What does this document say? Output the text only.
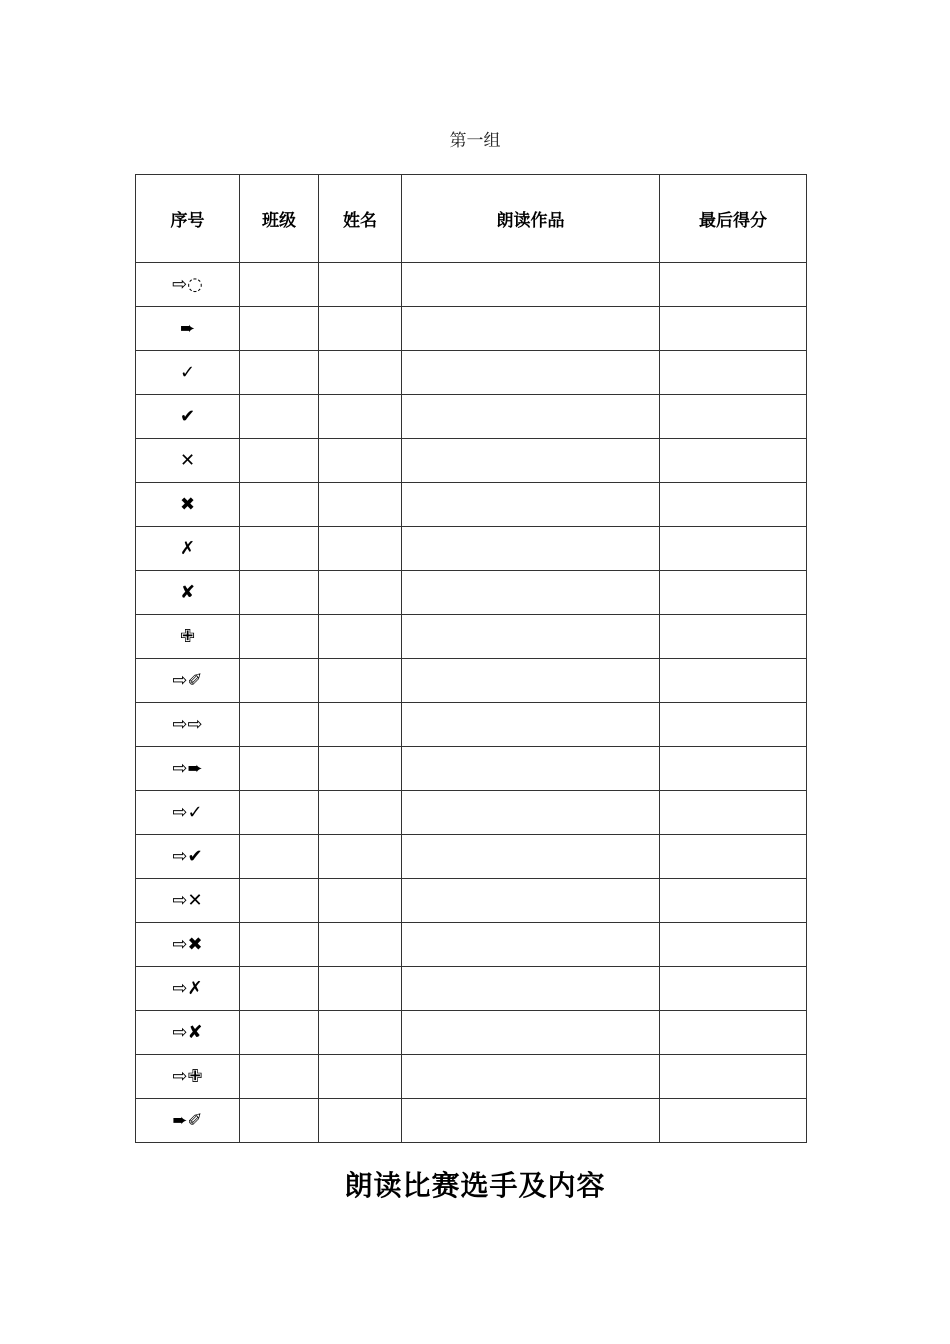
第一组
序号	班级	姓名	朗读作品	最后得分
⇨◌				
➨				
✓				
✔				
✕				
✖				
✗				
✘				
✙				
⇨✐				
⇨⇨				
⇨➨				
⇨✓				
⇨✔				
⇨✕				
⇨✖				
⇨✗				
⇨✘				
⇨✙				
➨✐				
朗读比赛选手及内容
